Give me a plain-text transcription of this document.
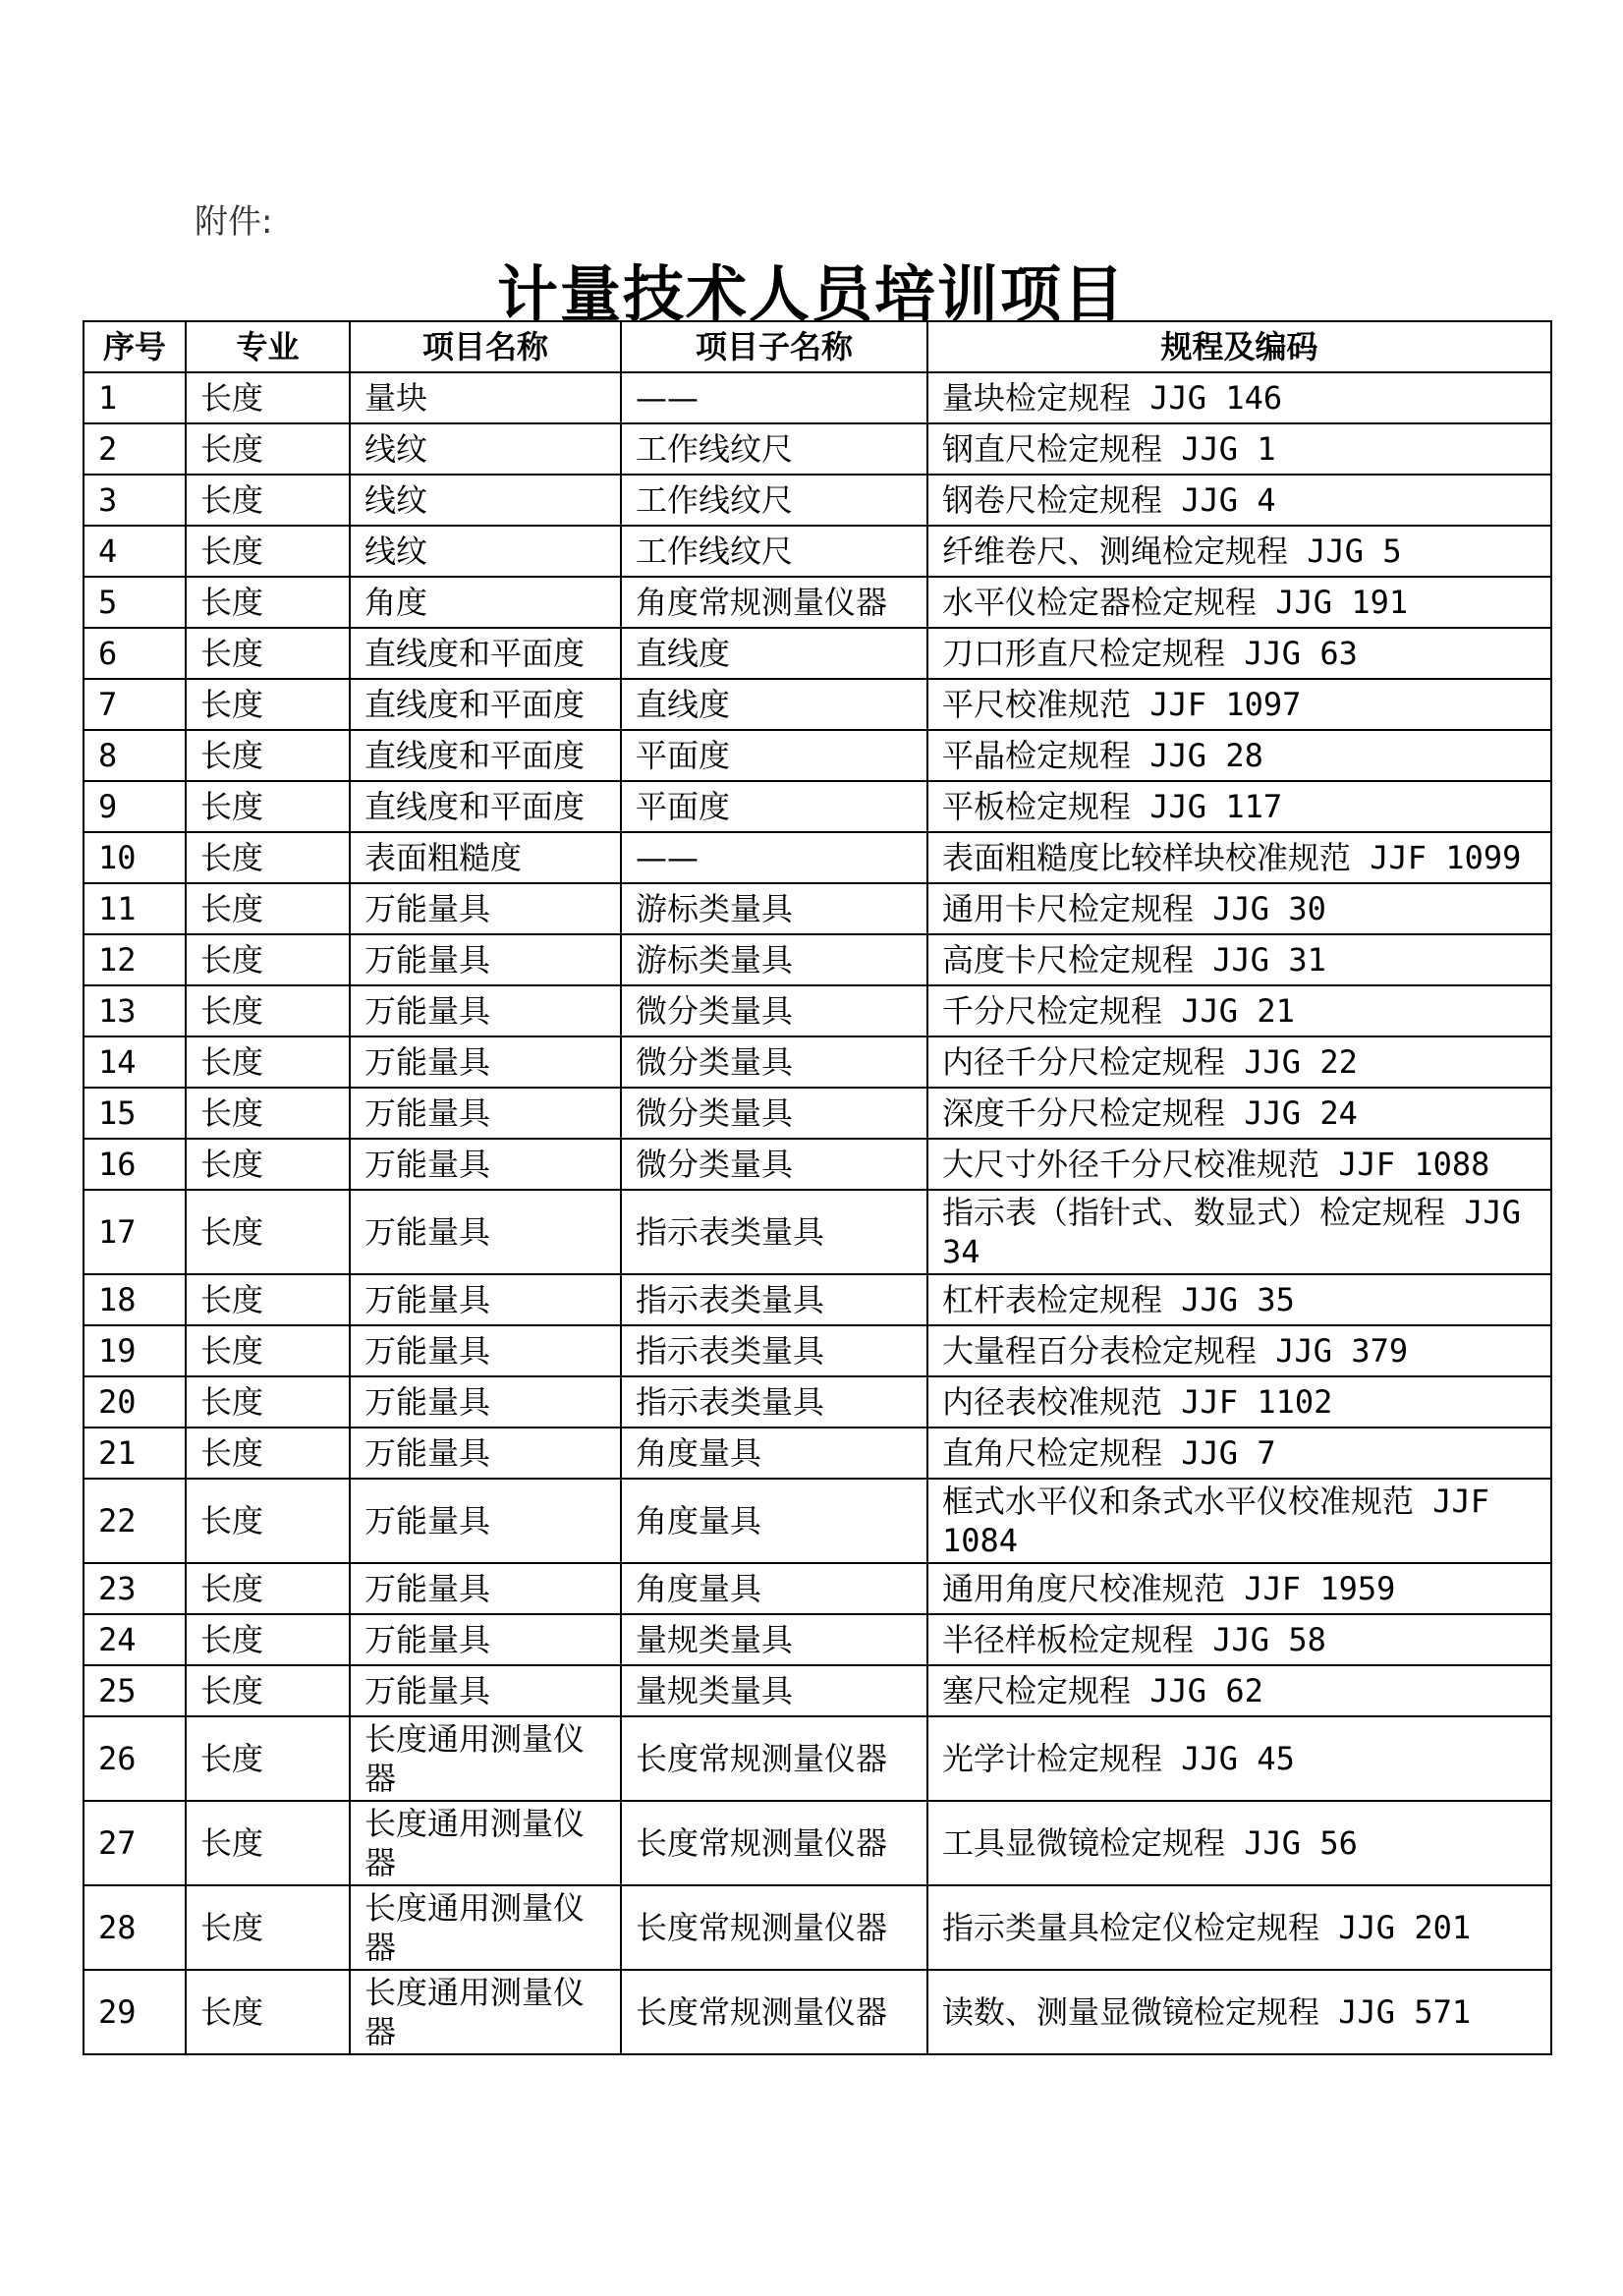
附件:
计量技术人员培训项目
序号	专业	项目名称	项目子名称	规程及编码
1	长度	量块	——	量块检定规程 JJG 146
2	长度	线纹	工作线纹尺	钢直尺检定规程 JJG 1
3	长度	线纹	工作线纹尺	钢卷尺检定规程 JJG 4
4	长度	线纹	工作线纹尺	纤维卷尺、测绳检定规程 JJG 5
5	长度	角度	角度常规测量仪器	水平仪检定器检定规程 JJG 191
6	长度	直线度和平面度	直线度	刀口形直尺检定规程 JJG 63
7	长度	直线度和平面度	直线度	平尺校准规范 JJF 1097
8	长度	直线度和平面度	平面度	平晶检定规程 JJG 28
9	长度	直线度和平面度	平面度	平板检定规程 JJG 117
10	长度	表面粗糙度	——	表面粗糙度比较样块校准规范 JJF 1099
11	长度	万能量具	游标类量具	通用卡尺检定规程 JJG 30
12	长度	万能量具	游标类量具	高度卡尺检定规程 JJG 31
13	长度	万能量具	微分类量具	千分尺检定规程 JJG 21
14	长度	万能量具	微分类量具	内径千分尺检定规程 JJG 22
15	长度	万能量具	微分类量具	深度千分尺检定规程 JJG 24
16	长度	万能量具	微分类量具	大尺寸外径千分尺校准规范 JJF 1088
17	长度	万能量具	指示表类量具	指示表（指针式、数显式）检定规程 JJG 34
18	长度	万能量具	指示表类量具	杠杆表检定规程 JJG 35
19	长度	万能量具	指示表类量具	大量程百分表检定规程 JJG 379
20	长度	万能量具	指示表类量具	内径表校准规范 JJF 1102
21	长度	万能量具	角度量具	直角尺检定规程 JJG 7
22	长度	万能量具	角度量具	框式水平仪和条式水平仪校准规范 JJF 1084
23	长度	万能量具	角度量具	通用角度尺校准规范 JJF 1959
24	长度	万能量具	量规类量具	半径样板检定规程 JJG 58
25	长度	万能量具	量规类量具	塞尺检定规程 JJG 62
26	长度	长度通用测量仪器	长度常规测量仪器	光学计检定规程 JJG 45
27	长度	长度通用测量仪器	长度常规测量仪器	工具显微镜检定规程 JJG 56
28	长度	长度通用测量仪器	长度常规测量仪器	指示类量具检定仪检定规程 JJG 201
29	长度	长度通用测量仪器	长度常规测量仪器	读数、测量显微镜检定规程 JJG 571
